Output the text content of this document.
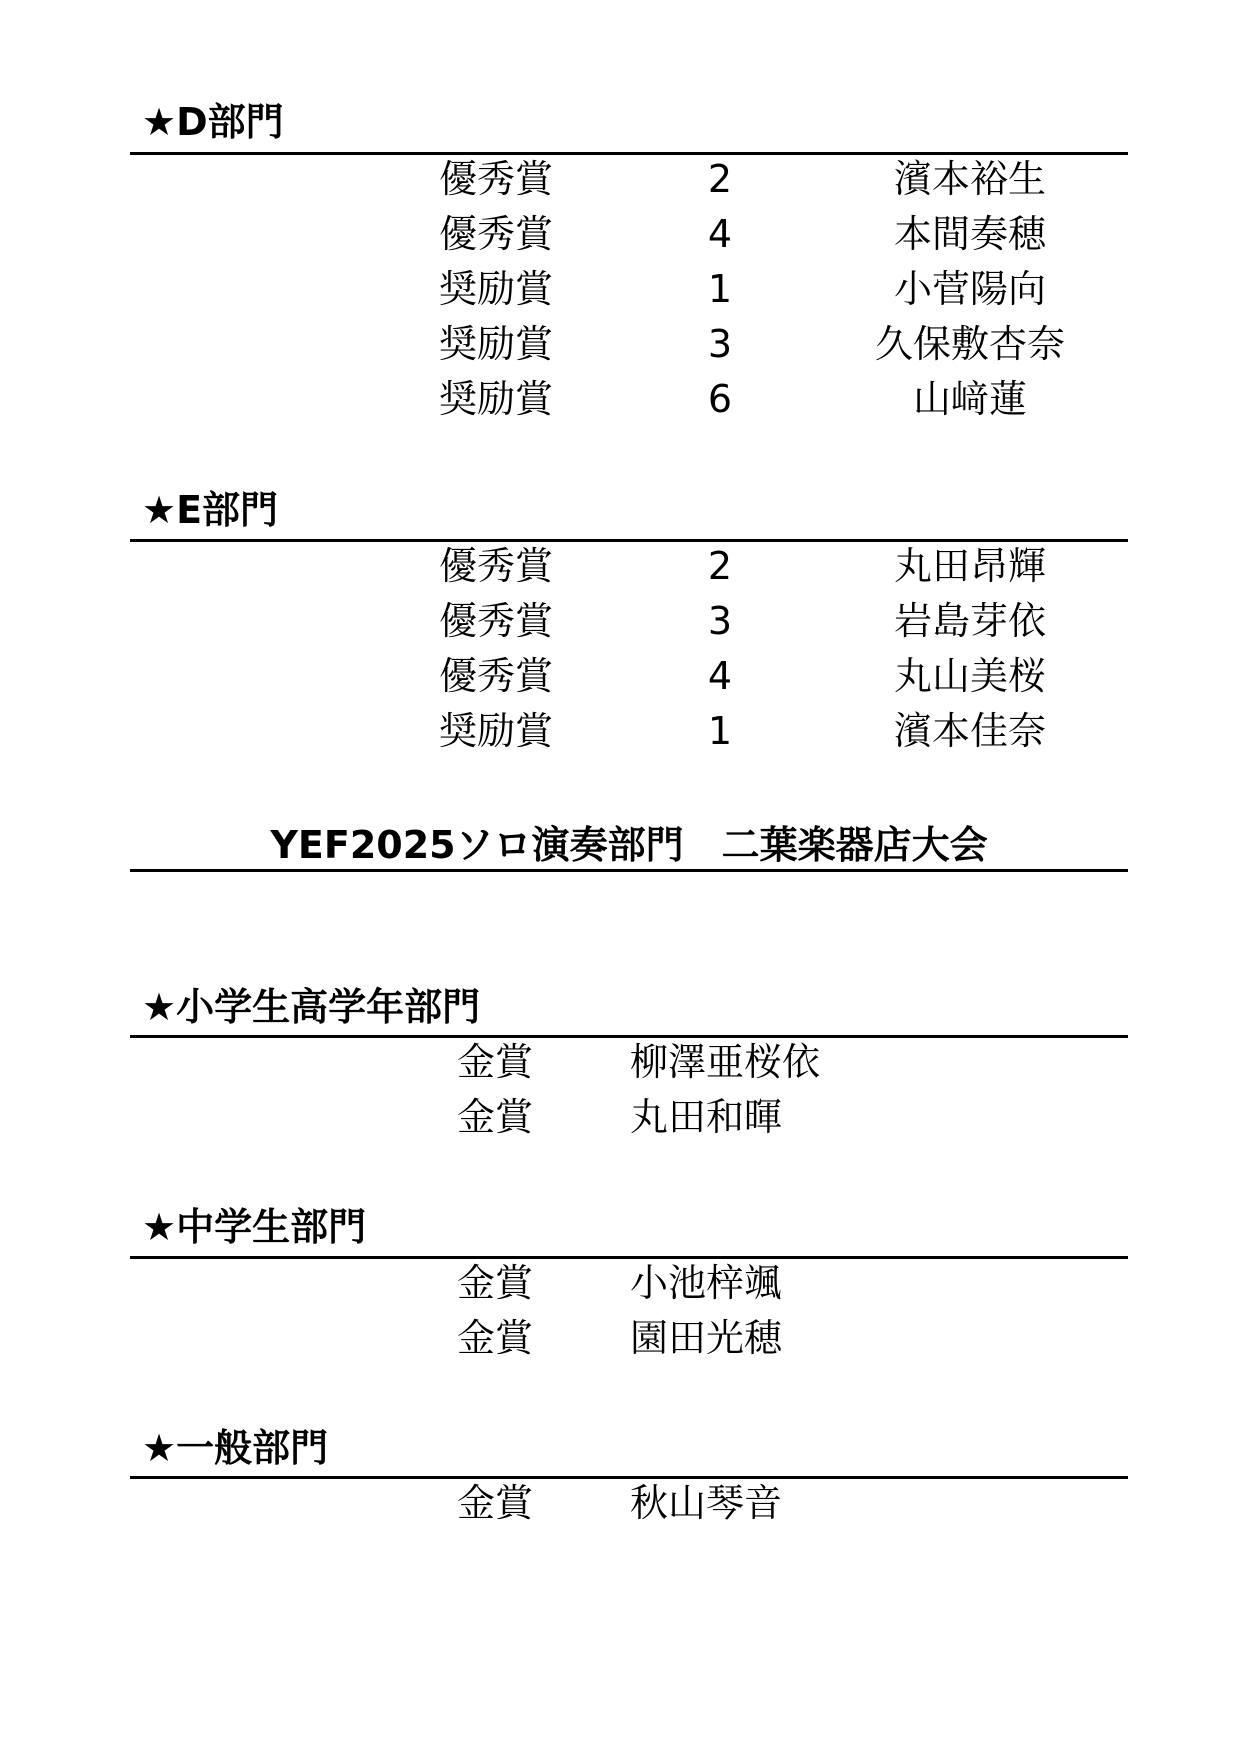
★D部門
優秀賞	2	濱本裕生
優秀賞	4	本間奏穂
奨励賞	1	小菅陽向
奨励賞	3	久保敷杏奈
奨励賞	6	山﨑蓮
★E部門
優秀賞	2	丸田昂輝
優秀賞	3	岩島芽依
優秀賞	4	丸山美桜
奨励賞	1	濱本佳奈
YEF2025ソロ演奏部門　二葉楽器店大会
★小学生高学年部門
金賞	柳澤亜桜依
金賞	丸田和暉
★中学生部門
金賞	小池梓颯
金賞	園田光穂
★一般部門
金賞	秋山琴音
